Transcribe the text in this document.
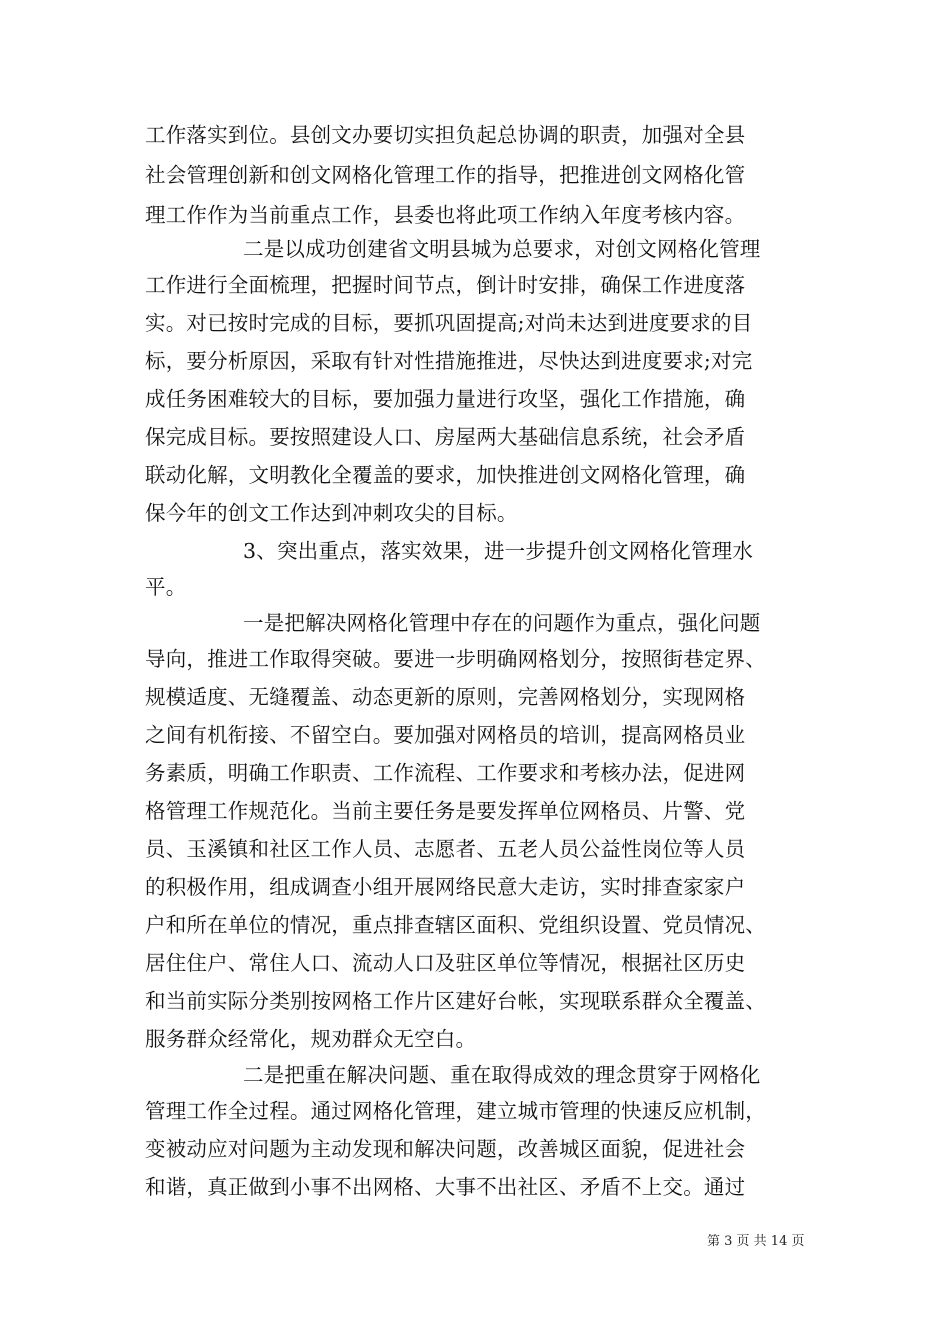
工作落实到位。县创文办要切实担负起总协调的职责，加强对全县
社会管理创新和创文网格化管理工作的指导，把推进创文网格化管
理工作作为当前重点工作，县委也将此项工作纳入年度考核内容。
二是以成功创建省文明县城为总要求，对创文网格化管理
工作进行全面梳理，把握时间节点，倒计时安排，确保工作进度落
实。对已按时完成的目标，要抓巩固提高;对尚未达到进度要求的目
标，要分析原因，采取有针对性措施推进，尽快达到进度要求;对完
成任务困难较大的目标，要加强力量进行攻坚，强化工作措施，确
保完成目标。要按照建设人口、房屋两大基础信息系统，社会矛盾
联动化解，文明教化全覆盖的要求，加快推进创文网格化管理，确
保今年的创文工作达到冲刺攻尖的目标。
3、突出重点，落实效果，进一步提升创文网格化管理水
平。
一是把解决网格化管理中存在的问题作为重点，强化问题
导向，推进工作取得突破。要进一步明确网格划分，按照街巷定界、
规模适度、无缝覆盖、动态更新的原则，完善网格划分，实现网格
之间有机衔接、不留空白。要加强对网格员的培训，提高网格员业
务素质，明确工作职责、工作流程、工作要求和考核办法，促进网
格管理工作规范化。当前主要任务是要发挥单位网格员、片警、党
员、玉溪镇和社区工作人员、志愿者、五老人员公益性岗位等人员
的积极作用，组成调查小组开展网络民意大走访，实时排查家家户
户和所在单位的情况，重点排查辖区面积、党组织设置、党员情况、
居住住户、常住人口、流动人口及驻区单位等情况，根据社区历史
和当前实际分类别按网格工作片区建好台帐，实现联系群众全覆盖、
服务群众经常化，规劝群众无空白。
二是把重在解决问题、重在取得成效的理念贯穿于网格化
管理工作全过程。通过网格化管理，建立城市管理的快速反应机制，
变被动应对问题为主动发现和解决问题，改善城区面貌，促进社会
和谐，真正做到小事不出网格、大事不出社区、矛盾不上交。通过
第 3 页 共 14 页
